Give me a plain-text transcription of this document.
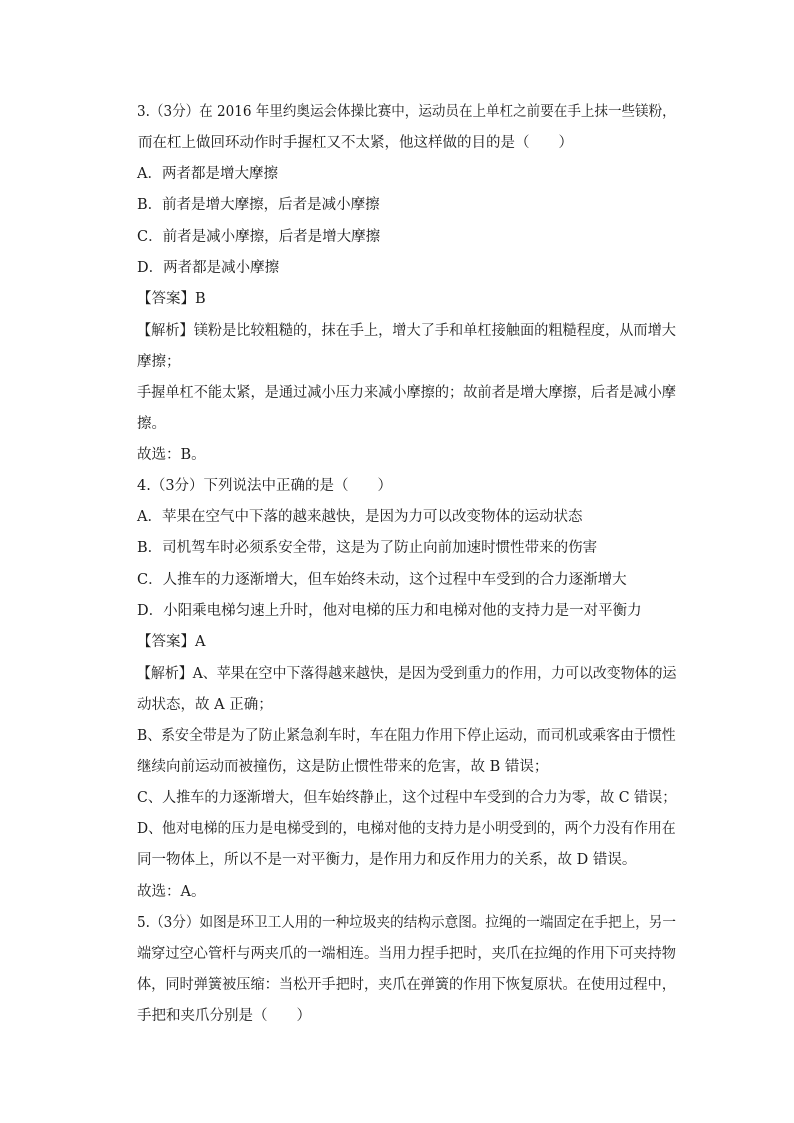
3.（3分）在 2016 年里约奥运会体操比赛中，运动员在上单杠之前要在手上抹一些镁粉，
而在杠上做回环动作时手握杠又不太紧，他这样做的目的是（　　）
A．两者都是增大摩擦
B．前者是增大摩擦，后者是减小摩擦
C．前者是减小摩擦，后者是增大摩擦
D．两者都是减小摩擦
【答案】B
【解析】镁粉是比较粗糙的，抹在手上，增大了手和单杠接触面的粗糙程度，从而增大
摩擦；
手握单杠不能太紧，是通过减小压力来减小摩擦的；故前者是增大摩擦，后者是减小摩
擦。
故选：B。
4.（3分）下列说法中正确的是（　　）
A．苹果在空气中下落的越来越快，是因为力可以改变物体的运动状态
B．司机驾车时必须系安全带，这是为了防止向前加速时惯性带来的伤害
C．人推车的力逐渐增大，但车始终未动，这个过程中车受到的合力逐渐增大
D．小阳乘电梯匀速上升时，他对电梯的压力和电梯对他的支持力是一对平衡力
【答案】A
【解析】A、苹果在空中下落得越来越快，是因为受到重力的作用，力可以改变物体的运
动状态，故 A 正确；
B、系安全带是为了防止紧急刹车时，车在阻力作用下停止运动，而司机或乘客由于惯性
继续向前运动而被撞伤，这是防止惯性带来的危害，故 B 错误；
C、人推车的力逐渐增大，但车始终静止，这个过程中车受到的合力为零，故 C 错误；
D、他对电梯的压力是电梯受到的，电梯对他的支持力是小明受到的，两个力没有作用在
同一物体上，所以不是一对平衡力，是作用力和反作用力的关系，故 D 错误。
故选：A。
5.（3分）如图是环卫工人用的一种垃圾夹的结构示意图。拉绳的一端固定在手把上，另一
端穿过空心管杆与两夹爪的一端相连。当用力捏手把时，夹爪在拉绳的作用下可夹持物
体，同时弹簧被压缩：当松开手把时，夹爪在弹簧的作用下恢复原状。在使用过程中，
手把和夹爪分别是（　　）
